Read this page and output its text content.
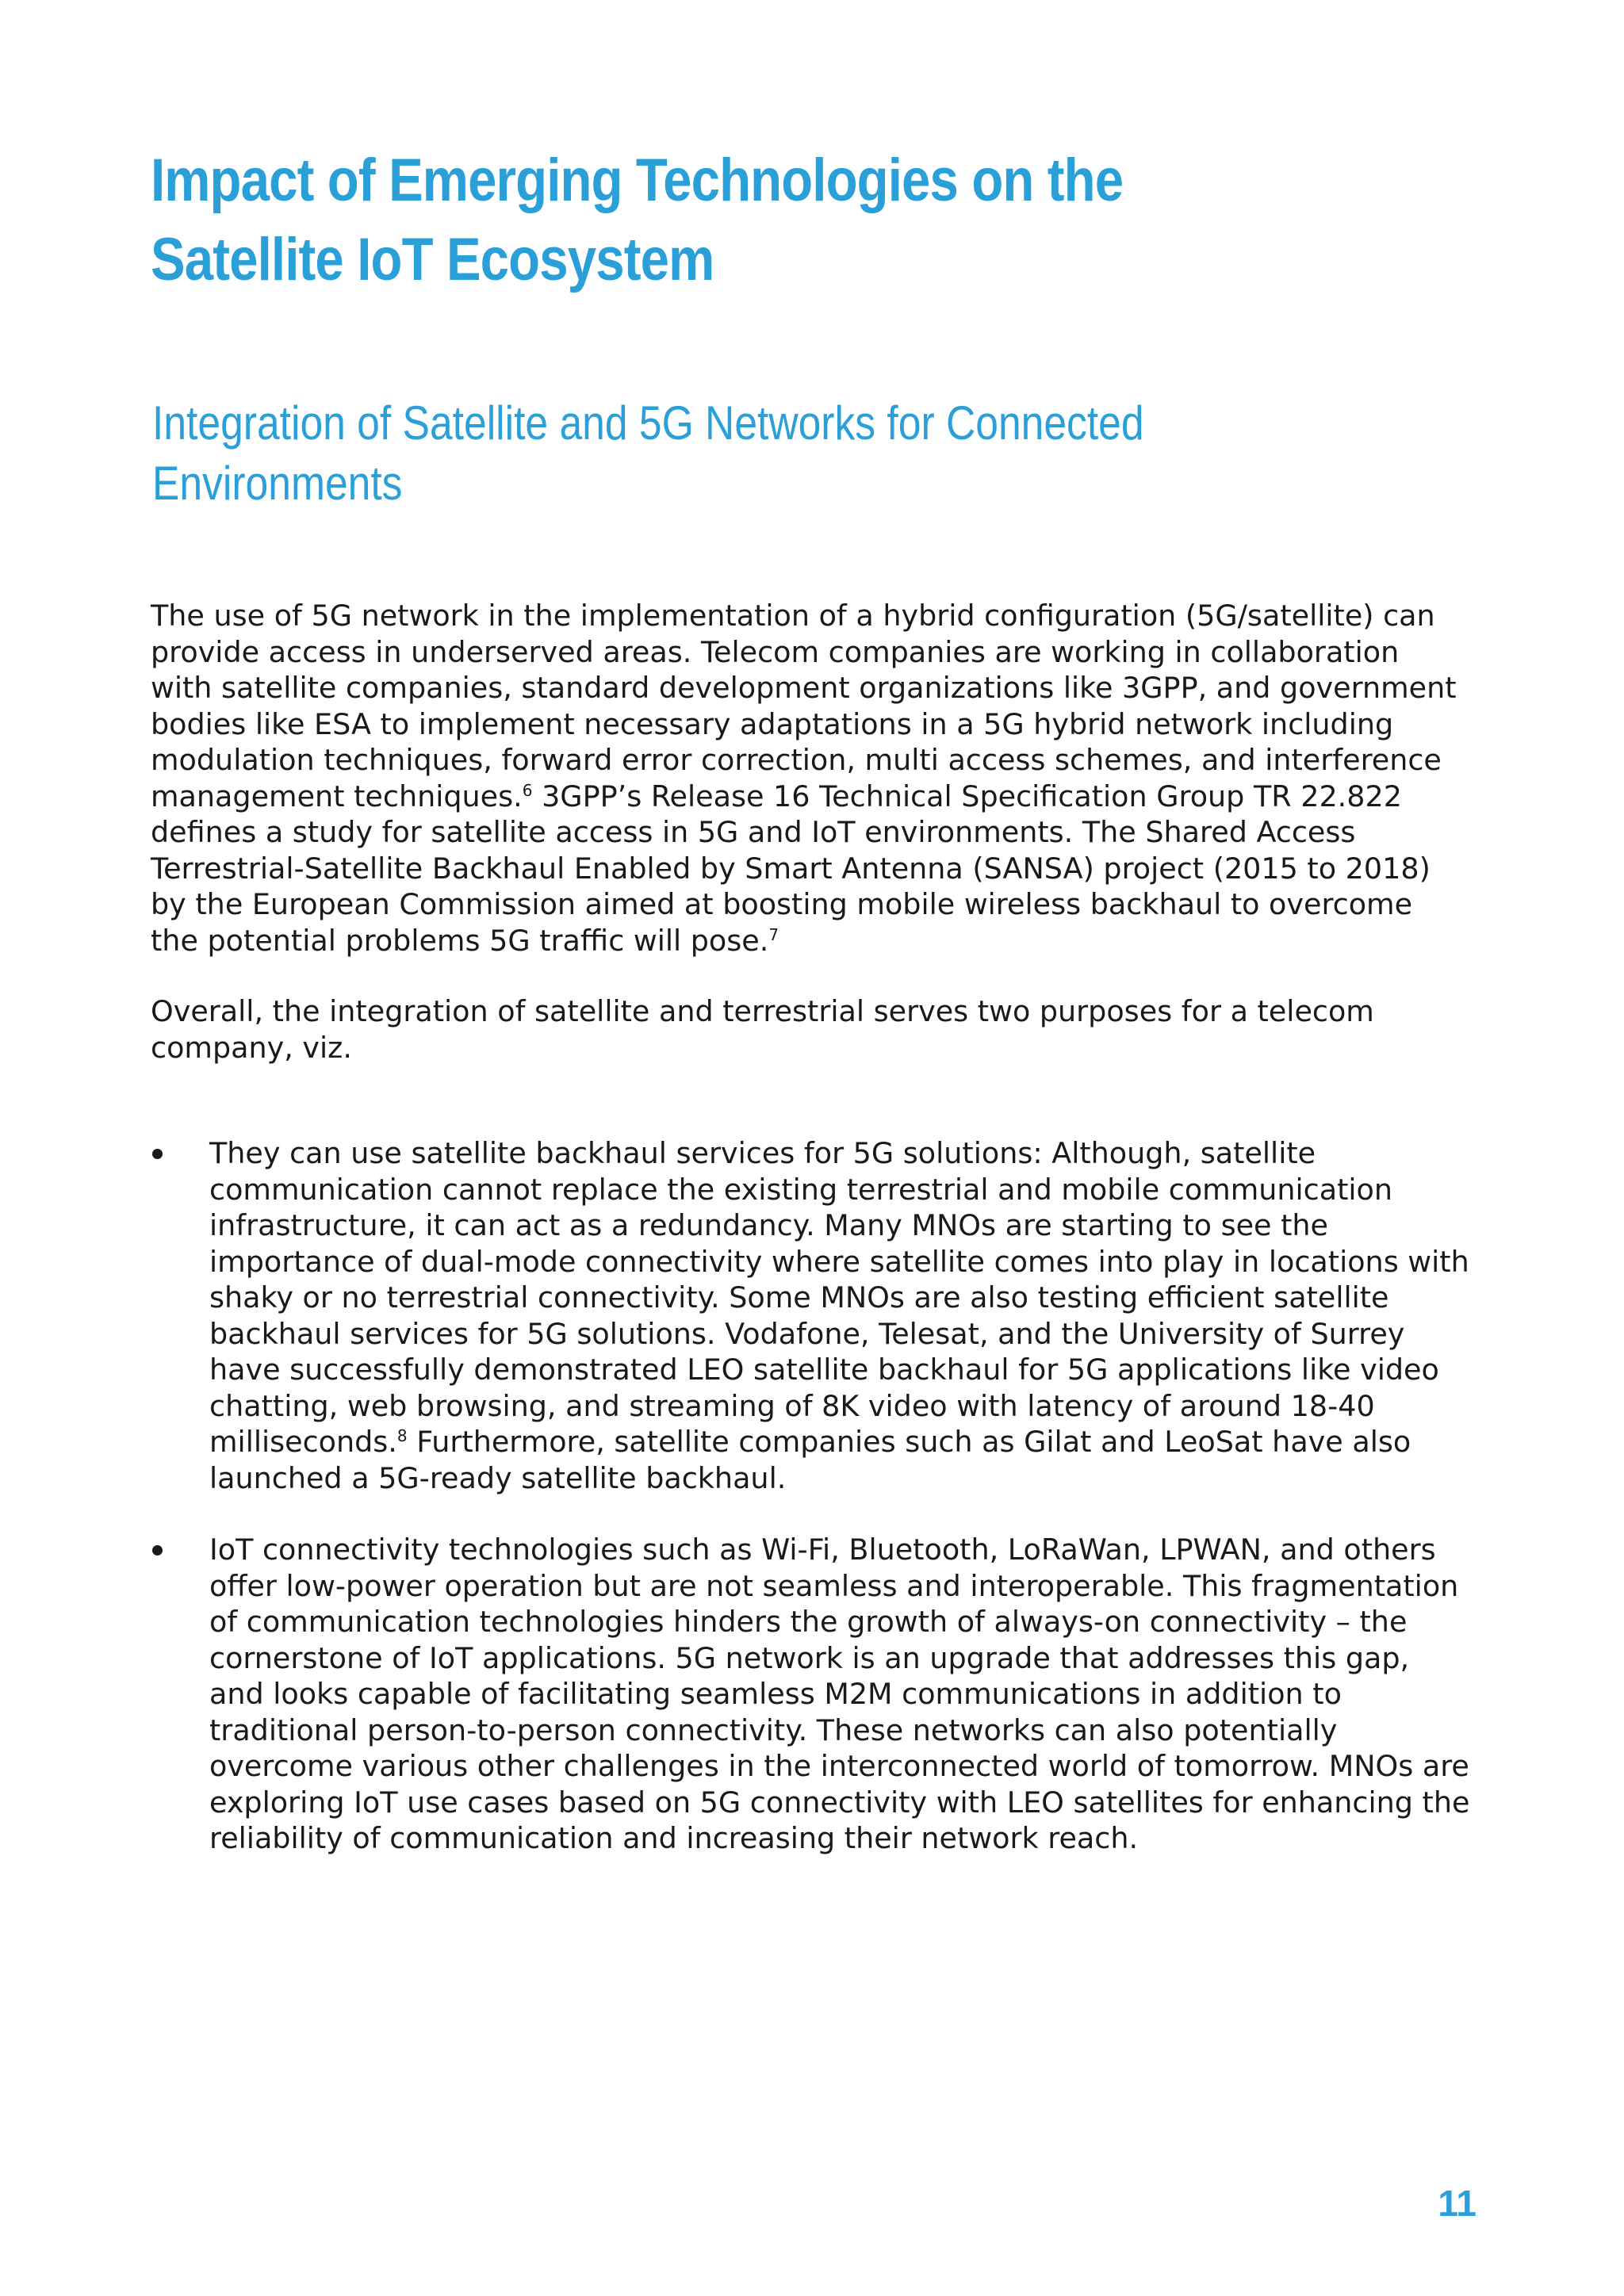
Impact of Emerging Technologies on the
Satellite IoT Ecosystem
Integration of Satellite and 5G Networks for Connected
Environments

The use of 5G network in the implementation of a hybrid configuration (5G/satellite) can provide access in underserved areas. Telecom companies are working in collaboration with satellite companies, standard development organizations like 3GPP, and government bodies like ESA to implement necessary adaptations in a 5G hybrid network including modulation techniques, forward error correction, multi access schemes, and interference management techniques.$^6$ 3GPP’s Release 16 Technical Specification Group TR 22.822 defines a study for satellite access in 5G and IoT environments. The Shared Access Terrestrial-Satellite Backhaul Enabled by Smart Antenna (SANSA) project (2015 to 2018) by the European Commission aimed at boosting mobile wireless backhaul to overcome the potential problems 5G traffic will pose.$^7$

Overall, the integration of satellite and terrestrial serves two purposes for a telecom company, viz.

They can use satellite backhaul services for 5G solutions: Although, satellite communication cannot replace the existing terrestrial and mobile communication infrastructure, it can act as a redundancy. Many MNOs are starting to see the importance of dual-mode connectivity where satellite comes into play in locations with shaky or no terrestrial connectivity. Some MNOs are also testing efficient satellite backhaul services for 5G solutions. Vodafone, Telesat, and the University of Surrey have successfully demonstrated LEO satellite backhaul for 5G applications like video chatting, web browsing, and streaming of 8K video with latency of around 18-40 milliseconds.$^8$ Furthermore, satellite companies such as Gilat and LeoSat have also launched a 5G-ready satellite backhaul.

IoT connectivity technologies such as Wi-Fi, Bluetooth, LoRaWan, LPWAN, and others offer low-power operation but are not seamless and interoperable. This fragmentation of communication technologies hinders the growth of always-on connectivity – the cornerstone of IoT applications. 5G network is an upgrade that addresses this gap, and looks capable of facilitating seamless M2M communications in addition to traditional person-to-person connectivity. These networks can also potentially overcome various other challenges in the interconnected world of tomorrow. MNOs are exploring IoT use cases based on 5G connectivity with LEO satellites for enhancing the reliability of communication and increasing their network reach.

11
